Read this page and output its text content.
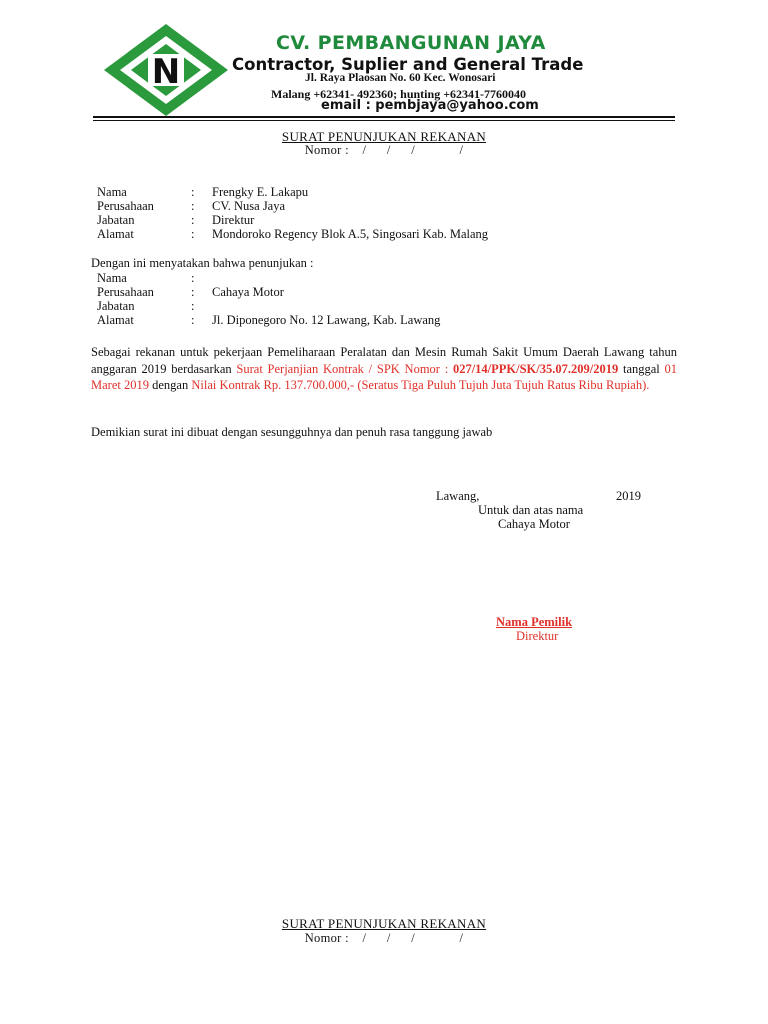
N
CV. PEMBANGUNAN JAYA
Contractor, Suplier and General Trade
Jl. Raya Plaosan No. 60 Kec. Wonosari
Malang +62341- 492360; hunting +62341-7760040
email : pembjaya@yahoo.com
SURAT PENUNJUKAN REKANAN
Nomor :    /      /      /             /
Nama	: Frengky E. Lakapu
Perusahaan	: CV. Nusa Jaya
Jabatan	: Direktur
Alamat	: Mondoroko Regency Blok A.5, Singosari Kab. Malang
Dengan ini menyatakan bahwa penunjukan :
Nama	:
Perusahaan	: Cahaya Motor
Jabatan	:
Alamat	: Jl. Diponegoro No. 12 Lawang, Kab. Lawang
Sebagai rekanan untuk pekerjaan Pemeliharaan Peralatan dan Mesin Rumah Sakit Umum Daerah Lawang tahun anggaran 2019 berdasarkan Surat Perjanjian Kontrak / SPK Nomor : 027/14/PPK/SK/35.07.209/2019 tanggal 01 Maret 2019 dengan Nilai Kontrak Rp. 137.700.000,- (Seratus Tiga Puluh Tujuh Juta Tujuh Ratus Ribu Rupiah).
Demikian surat ini dibuat dengan sesungguhnya dan penuh rasa tanggung jawab
Lawang,	2019
Untuk dan atas nama
Cahaya Motor
Nama Pemilik
Direktur
SURAT PENUNJUKAN REKANAN
Nomor :    /      /      /             /
